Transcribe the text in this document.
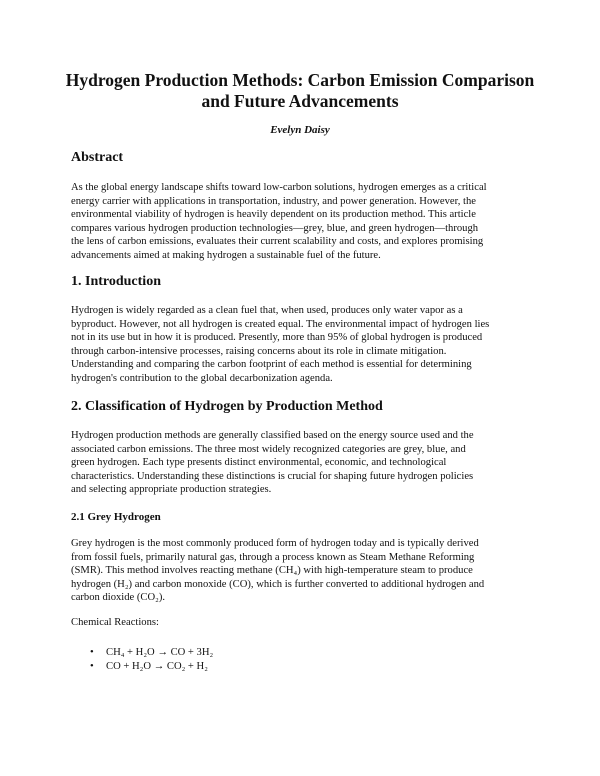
Hydrogen Production Methods: Carbon Emission Comparison
and Future Advancements
Evelyn Daisy
Abstract
As the global energy landscape shifts toward low-carbon solutions, hydrogen emerges as a critical
energy carrier with applications in transportation, industry, and power generation. However, the
environmental viability of hydrogen is heavily dependent on its production method. This article
compares various hydrogen production technologies—grey, blue, and green hydrogen—through
the lens of carbon emissions, evaluates their current scalability and costs, and explores promising
advancements aimed at making hydrogen a sustainable fuel of the future.
1. Introduction
Hydrogen is widely regarded as a clean fuel that, when used, produces only water vapor as a
byproduct. However, not all hydrogen is created equal. The environmental impact of hydrogen lies
not in its use but in how it is produced. Presently, more than 95% of global hydrogen is produced
through carbon-intensive processes, raising concerns about its role in climate mitigation.
Understanding and comparing the carbon footprint of each method is essential for determining
hydrogen's contribution to the global decarbonization agenda.
2. Classification of Hydrogen by Production Method
Hydrogen production methods are generally classified based on the energy source used and the
associated carbon emissions. The three most widely recognized categories are grey, blue, and
green hydrogen. Each type presents distinct environmental, economic, and technological
characteristics. Understanding these distinctions is crucial for shaping future hydrogen policies
and selecting appropriate production strategies.
2.1 Grey Hydrogen
Grey hydrogen is the most commonly produced form of hydrogen today and is typically derived
from fossil fuels, primarily natural gas, through a process known as Steam Methane Reforming
(SMR). This method involves reacting methane (CH₄) with high-temperature steam to produce
hydrogen (H₂) and carbon monoxide (CO), which is further converted to additional hydrogen and
carbon dioxide (CO₂).
Chemical Reactions:
• CH₄ + H₂O → CO + 3H₂
• CO + H₂O → CO₂ + H₂
